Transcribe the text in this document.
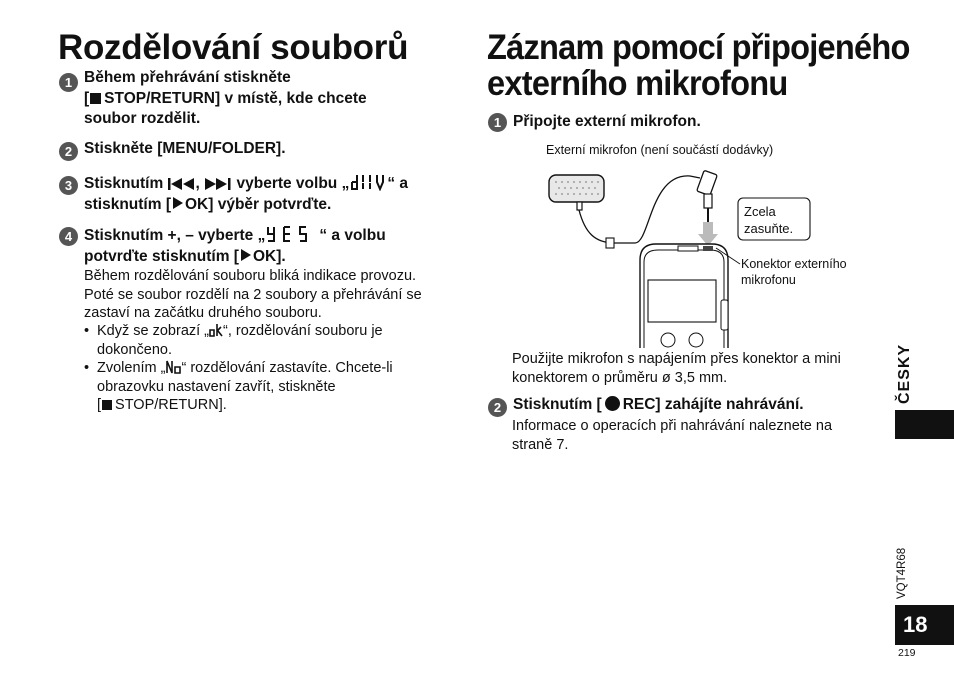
Rozdělování souborů
1 Během přehrávání stiskněte
[ STOP/RETURN] v místě, kde chcete
soubor rozdělit.
2 Stiskněte [MENU/FOLDER].
3 Stisknutím , vyberte volbu „ “ a
stisknutím [ OK] výběr potvrďte.
4 Stisknutím +, – vyberte „	“ a volbu
potvrďte stisknutím [ OK].
Během rozdělování souboru bliká indikace provozu.
Poté se soubor rozdělí na 2 soubory a přehrávání se
zastaví na začátku druhého souboru.
• Když se zobrazí „ “, rozdělování souboru je
dokončeno.
• Zvolením „ “ rozdělování zastavíte. Chcete-li
obrazovku nastavení zavřít, stiskněte
[ STOP/RETURN].
Záznam pomocí připojeného
externího mikrofonu
1 Připojte externí mikrofon.
Externí mikrofon (není součástí dodávky)
Zcela
zasuňte.
Konektor externího
mikrofonu
Použijte mikrofon s napájením přes konektor a mini
konektorem o průměru ø 3,5 mm.
2 Stisknutím [ REC] zahájíte nahrávání.
Informace o operacích při nahrávání naleznete na
straně 7.
ČESKY
VQT4R68
18
219
